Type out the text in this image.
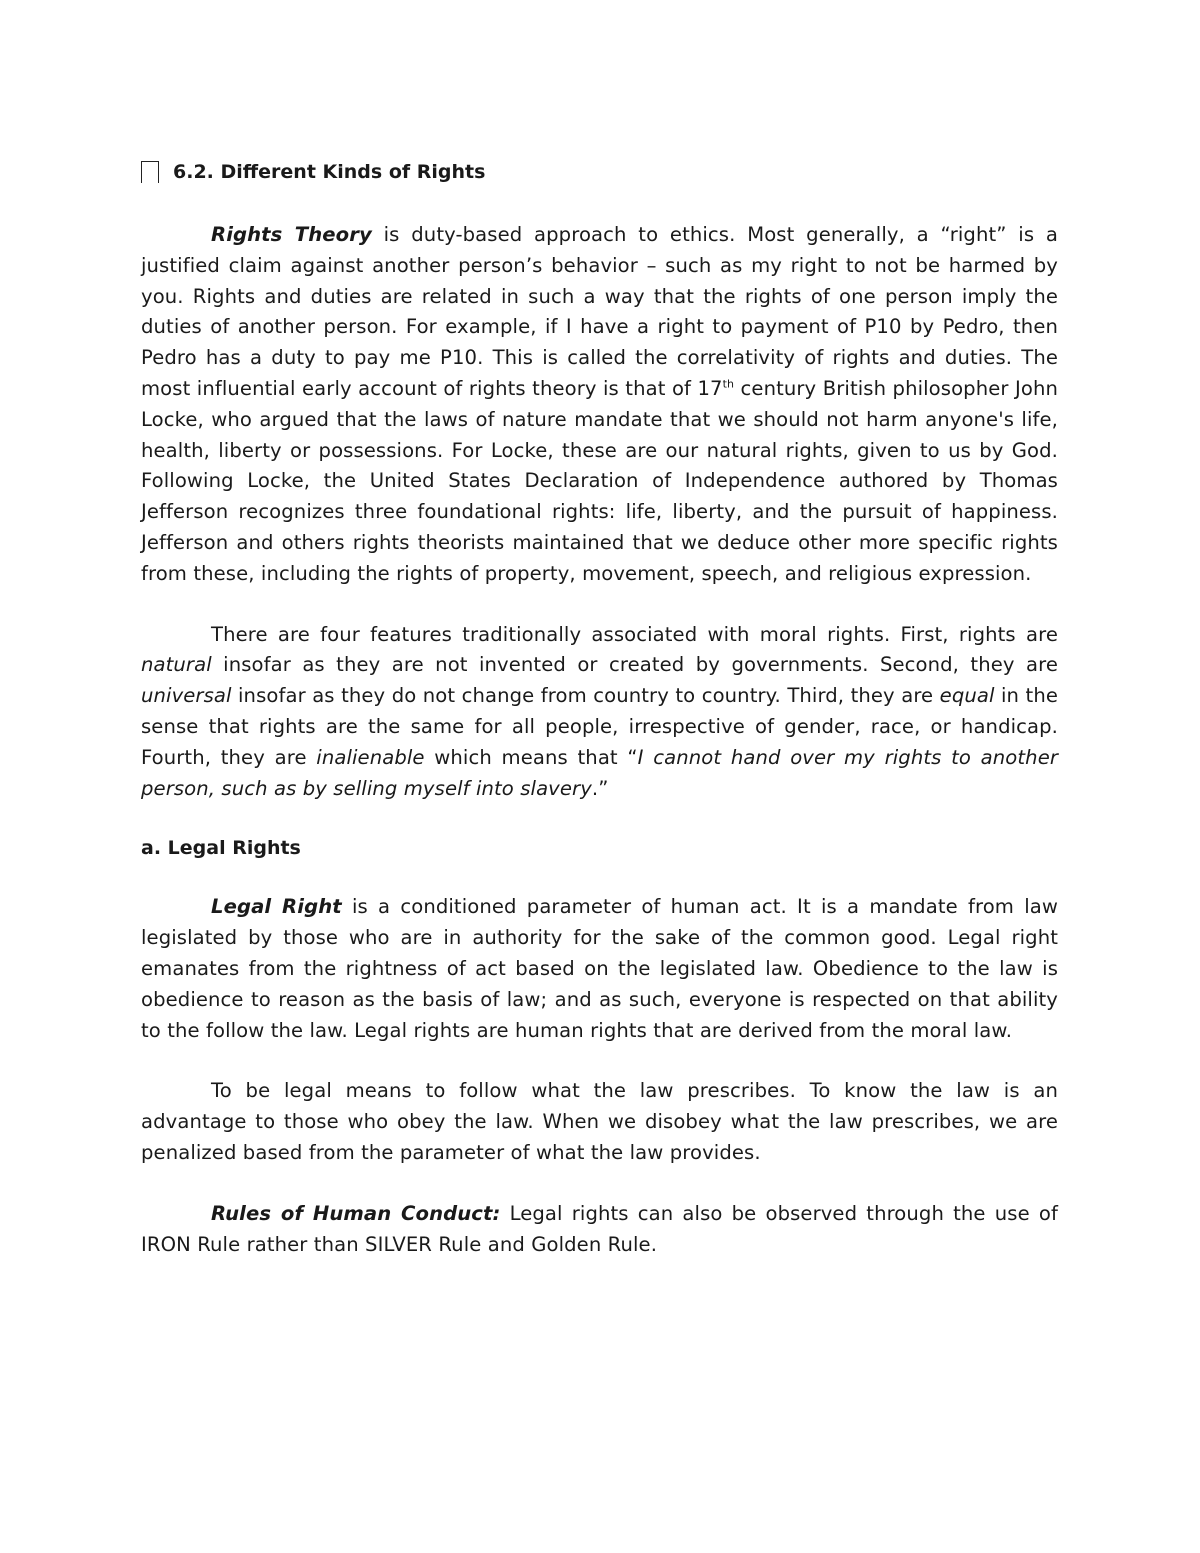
6.2. Different Kinds of Rights

Rights Theory is duty-based approach to ethics. Most generally, a “right” is a justified claim against another person’s behavior – such as my right to not be harmed by you. Rights and duties are related in such a way that the rights of one person imply the duties of another person. For example, if I have a right to payment of P10 by Pedro, then Pedro has a duty to pay me P10. This is called the correlativity of rights and duties. The most influential early account of rights theory is that of 17th century British philosopher John Locke, who argued that the laws of nature mandate that we should not harm anyone's life, health, liberty or possessions. For Locke, these are our natural rights, given to us by God. Following Locke, the United States Declaration of Independence authored by Thomas Jefferson recognizes three foundational rights: life, liberty, and the pursuit of happiness. Jefferson and others rights theorists maintained that we deduce other more specific rights from these, including the rights of property, movement, speech, and religious expression.

There are four features traditionally associated with moral rights. First, rights are natural insofar as they are not invented or created by governments. Second, they are universal insofar as they do not change from country to country. Third, they are equal in the sense that rights are the same for all people, irrespective of gender, race, or handicap. Fourth, they are inalienable which means that “I cannot hand over my rights to another person, such as by selling myself into slavery.”

a. Legal Rights

Legal Right is a conditioned parameter of human act. It is a mandate from law legislated by those who are in authority for the sake of the common good. Legal right emanates from the rightness of act based on the legislated law. Obedience to the law is obedience to reason as the basis of law; and as such, everyone is respected on that ability to the follow the law. Legal rights are human rights that are derived from the moral law.

To be legal means to follow what the law prescribes. To know the law is an advantage to those who obey the law. When we disobey what the law prescribes, we are penalized based from the parameter of what the law provides.

Rules of Human Conduct: Legal rights can also be observed through the use of IRON Rule rather than SILVER Rule and Golden Rule.
